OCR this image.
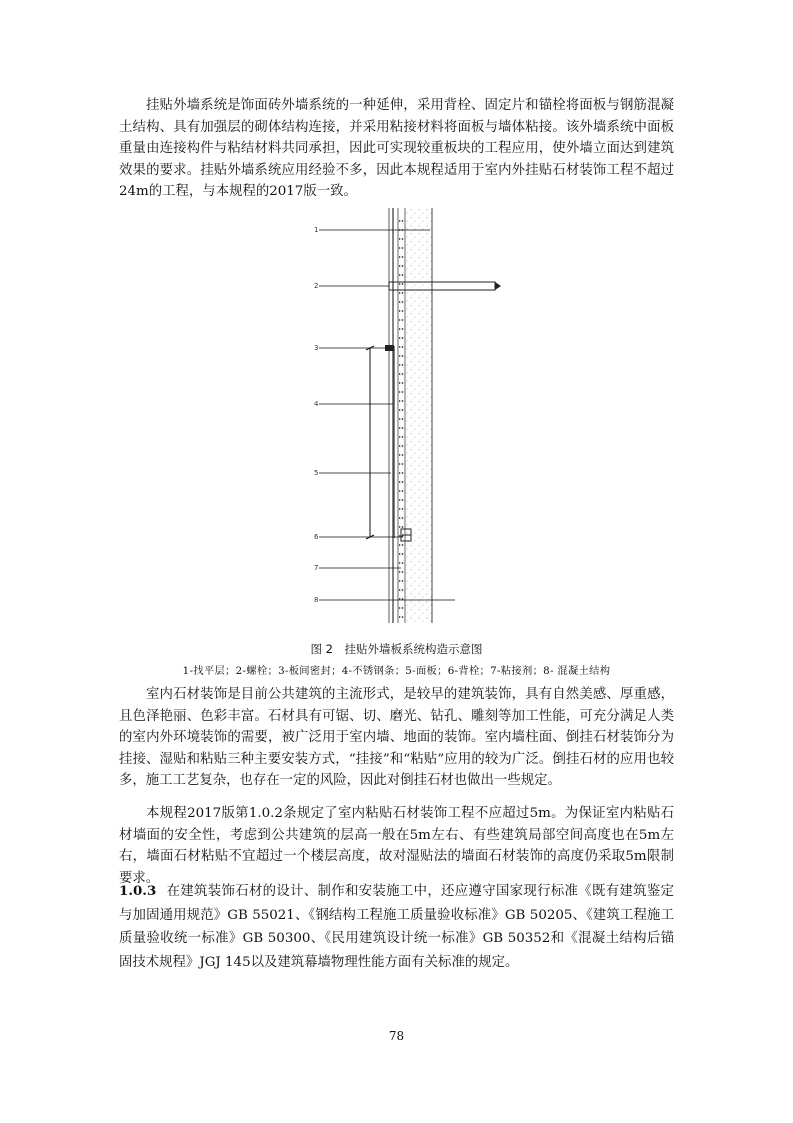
挂贴外墙系统是饰面砖外墙系统的一种延伸，采用背栓、固定片和锚栓将面板与钢筋混凝土结构、具有加强层的砌体结构连接，并采用粘接材料将面板与墙体粘接。该外墙系统中面板重量由连接构件与粘结材料共同承担，因此可实现较重板块的工程应用，使外墙立面达到建筑效果的要求。挂贴外墙系统应用经验不多，因此本规程适用于室内外挂贴石材装饰工程不超过24m的工程，与本规程的2017版一致。

1
2
3
4
5
6
7
8
图 2　挂贴外墙板系统构造示意图
1-找平层；2-螺栓；3-板间密封；4-不锈钢条；5-面板；6-背栓；7-粘接剂；8- 混凝土结构

室内石材装饰是目前公共建筑的主流形式，是较早的建筑装饰，具有自然美感、厚重感，且色泽艳丽、色彩丰富。石材具有可锯、切、磨光、钻孔、雕刻等加工性能，可充分满足人类的室内外环境装饰的需要，被广泛用于室内墙、地面的装饰。室内墙柱面、倒挂石材装饰分为挂接、湿贴和粘贴三种主要安装方式，“挂接”和“粘贴”应用的较为广泛。倒挂石材的应用也较多，施工工艺复杂，也存在一定的风险，因此对倒挂石材也做出一些规定。

本规程2017版第1.0.2条规定了室内粘贴石材装饰工程不应超过5m。为保证室内粘贴石材墙面的安全性，考虑到公共建筑的层高一般在5m左右、有些建筑局部空间高度也在5m左右，墙面石材粘贴不宜超过一个楼层高度，故对湿贴法的墙面石材装饰的高度仍采取5m限制要求。

1.0.3 在建筑装饰石材的设计、制作和安装施工中，还应遵守国家现行标准《既有建筑鉴定与加固通用规范》GB 55021、《钢结构工程施工质量验收标准》GB 50205、《建筑工程施工质量验收统一标准》GB 50300、《民用建筑设计统一标准》GB 50352和《混凝土结构后锚固技术规程》JGJ 145以及建筑幕墙物理性能方面有关标准的规定。

78
